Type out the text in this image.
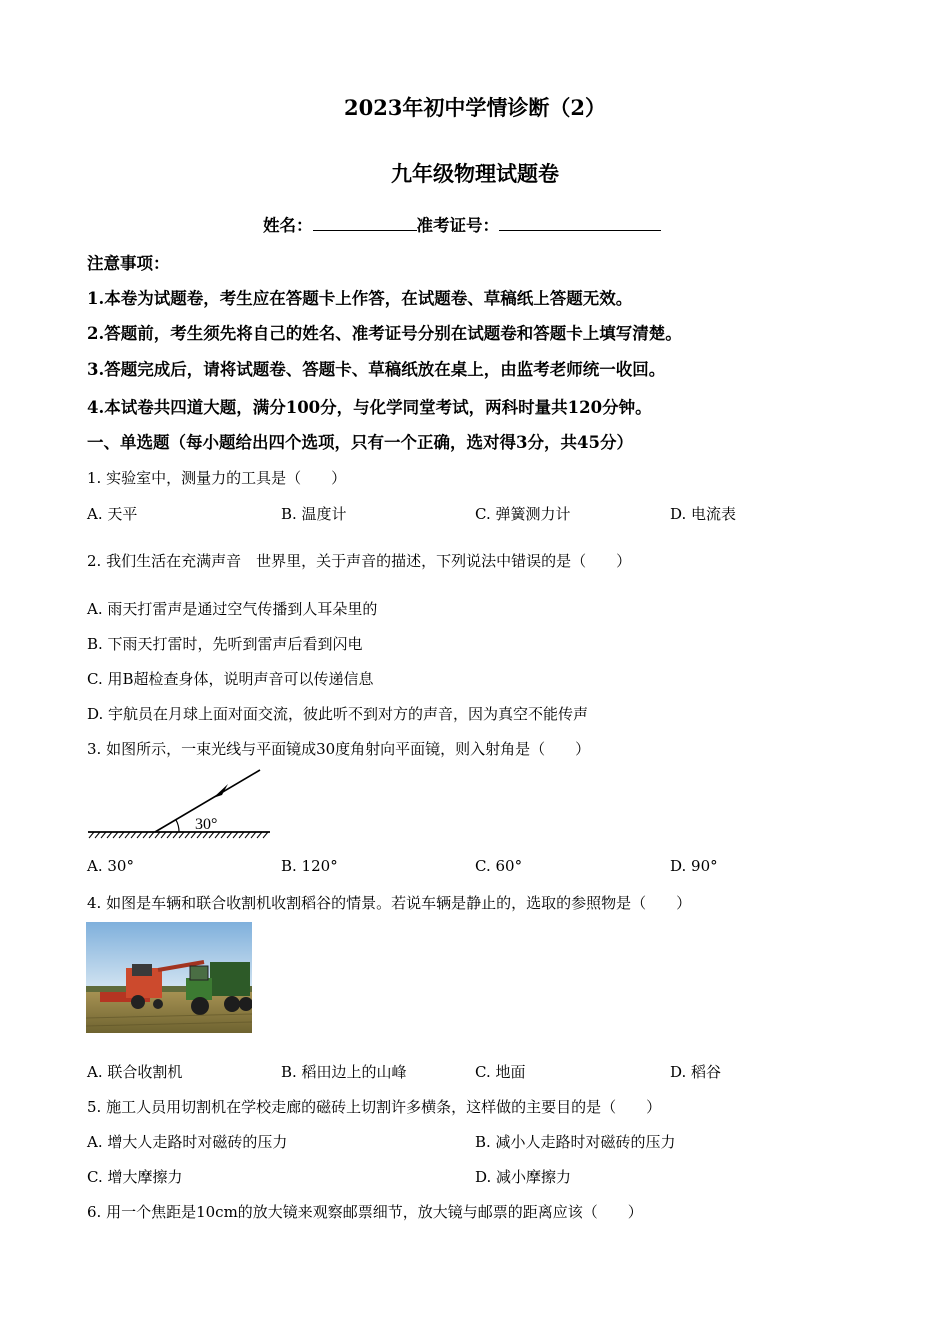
2023年初中学情诊断（2）
九年级物理试题卷
姓名：	准考证号：
注意事项：
1.本卷为试题卷，考生应在答题卡上作答，在试题卷、草稿纸上答题无效。
2.答题前，考生须先将自己的姓名、准考证号分别在试题卷和答题卡上填写清楚。
3.答题完成后，请将试题卷、答题卡、草稿纸放在桌上，由监考老师统一收回。
4.本试卷共四道大题，满分100分，与化学同堂考试，两科时量共120分钟。
一、单选题（每小题给出四个选项，只有一个正确，选对得3分，共45分）
1. 实验室中，测量力的工具是（　　）
A. 天平	B. 温度计	C. 弹簧测力计	D. 电流表
2. 我们生活在充满声音　世界里，关于声音的描述，下列说法中错误的是（　　）
A. 雨天打雷声是通过空气传播到人耳朵里的
B. 下雨天打雷时，先听到雷声后看到闪电
C. 用B超检查身体，说明声音可以传递信息
D. 宇航员在月球上面对面交流，彼此听不到对方的声音，因为真空不能传声
3. 如图所示，一束光线与平面镜成30度角射向平面镜，则入射角是（　　）
30°
A. 30°	B. 120°	C. 60°	D. 90°
4. 如图是车辆和联合收割机收割稻谷的情景。若说车辆是静止的，选取的参照物是（　　）
A. 联合收割机	B. 稻田边上的山峰	C. 地面	D. 稻谷
5. 施工人员用切割机在学校走廊的磁砖上切割许多横条，这样做的主要目的是（　　）
A. 增大人走路时对磁砖的压力	B. 减小人走路时对磁砖的压力
C. 增大摩擦力	D. 减小摩擦力
6. 用一个焦距是10cm的放大镜来观察邮票细节，放大镜与邮票的距离应该（　　）
